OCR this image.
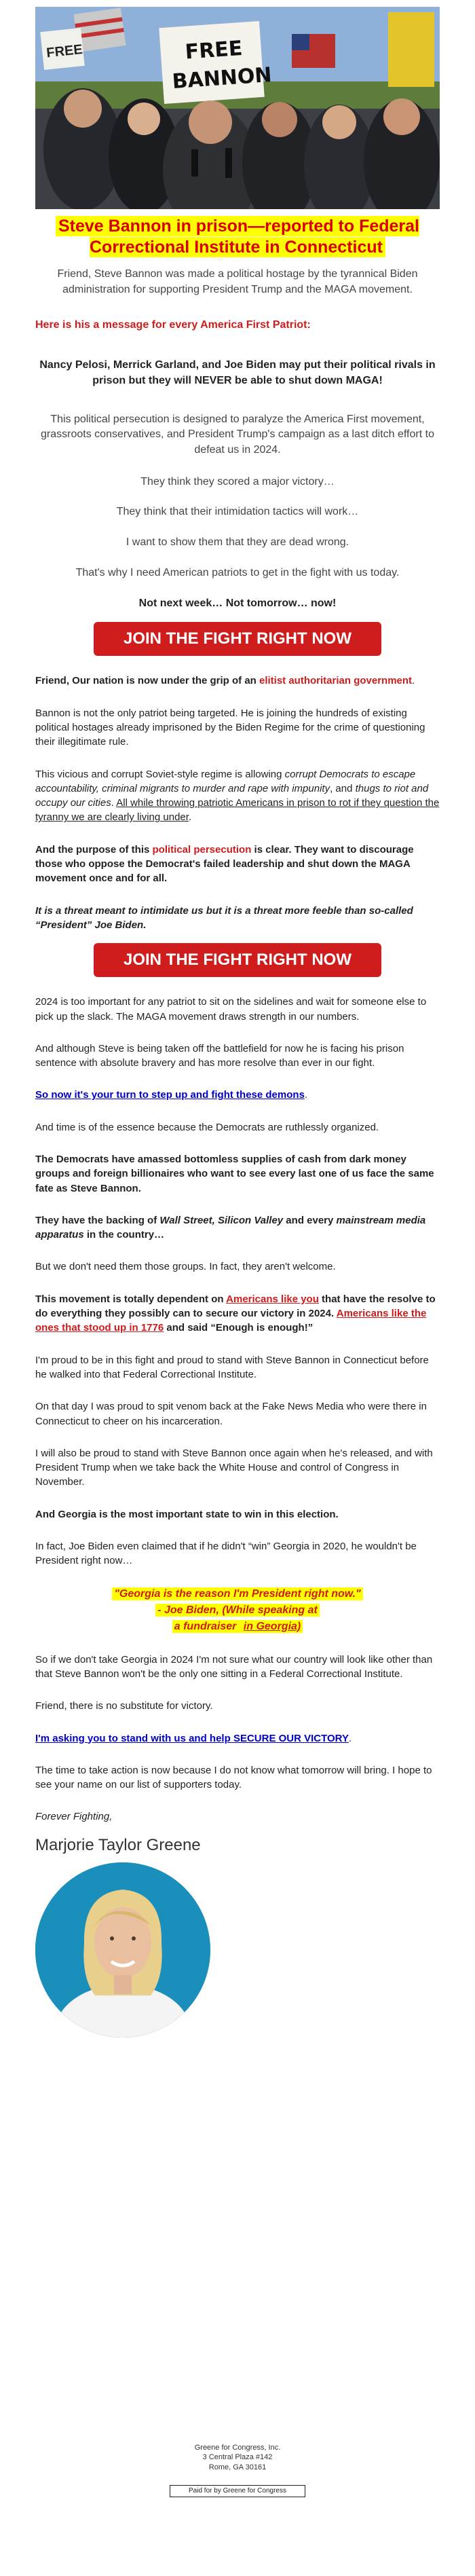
FREE	FREE BANNON
Steve Bannon in prison—reported to Federal Correctional Institute in Connecticut

Friend, Steve Bannon was made a political hostage by the tyrannical Biden administration for supporting President Trump and the MAGA movement.

Here is his a message for every America First Patriot:

Nancy Pelosi, Merrick Garland, and Joe Biden may put their political rivals in prison but they will NEVER be able to shut down MAGA!

This political persecution is designed to paralyze the America First movement, grassroots conservatives, and President Trump's campaign as a last ditch effort to defeat us in 2024.

They think they scored a major victory…

They think that their intimidation tactics will work…

I want to show them that they are dead wrong.

That's why I need American patriots to get in the fight with us today.

Not next week… Not tomorrow… now!

JOIN THE FIGHT RIGHT NOW

Friend, Our nation is now under the grip of an elitist authoritarian government.

Bannon is not the only patriot being targeted. He is joining the hundreds of existing political hostages already imprisoned by the Biden Regime for the crime of questioning their illegitimate rule.

This vicious and corrupt Soviet-style regime is allowing corrupt Democrats to escape accountability, criminal migrants to murder and rape with impunity, and thugs to riot and occupy our cities. All while throwing patriotic Americans in prison to rot if they question the tyranny we are clearly living under.

And the purpose of this political persecution is clear. They want to discourage those who oppose the Democrat's failed leadership and shut down the MAGA movement once and for all.

It is a threat meant to intimidate us but it is a threat more feeble than so-called “President” Joe Biden.

JOIN THE FIGHT RIGHT NOW

2024 is too important for any patriot to sit on the sidelines and wait for someone else to pick up the slack. The MAGA movement draws strength in our numbers.

And although Steve is being taken off the battlefield for now he is facing his prison sentence with absolute bravery and has more resolve than ever in our fight.

So now it's your turn to step up and fight these demons.

And time is of the essence because the Democrats are ruthlessly organized.

The Democrats have amassed bottomless supplies of cash from dark money groups and foreign billionaires who want to see every last one of us face the same fate as Steve Bannon.

They have the backing of Wall Street, Silicon Valley and every mainstream media apparatus in the country…

But we don't need them those groups. In fact, they aren't welcome.

This movement is totally dependent on Americans like you that have the resolve to do everything they possibly can to secure our victory in 2024. Americans like the ones that stood up in 1776 and said “Enough is enough!”

I'm proud to be in this fight and proud to stand with Steve Bannon in Connecticut before he walked into that Federal Correctional Institute.

On that day I was proud to spit venom back at the Fake News Media who were there in Connecticut to cheer on his incarceration.

I will also be proud to stand with Steve Bannon once again when he's released, and with President Trump when we take back the White House and control of Congress in November.

And Georgia is the most important state to win in this election.

In fact, Joe Biden even claimed that if he didn't “win” Georgia in 2020, he wouldn't be President right now…

"Georgia is the reason I'm President right now."
- Joe Biden, (While speaking at
a fundraiser in Georgia)

So if we don't take Georgia in 2024 I'm not sure what our country will look like other than that Steve Bannon won't be the only one sitting in a Federal Correctional Institute.

Friend, there is no substitute for victory.

I'm asking you to stand with us and help SECURE OUR VICTORY.

The time to take action is now because I do not know what tomorrow will bring. I hope to see your name on our list of supporters today.

Forever Fighting,

Marjorie Taylor Greene
Greene for Congress, Inc.
3 Central Plaza #142
Rome, GA 30161
Paid for by Greene for Congress
